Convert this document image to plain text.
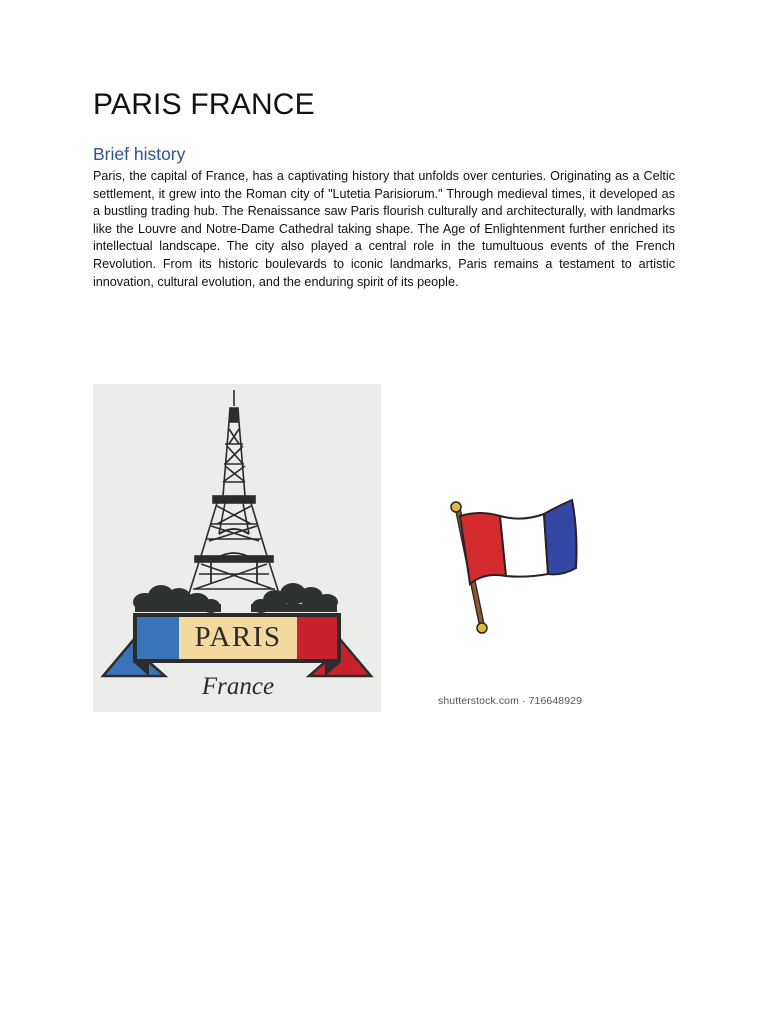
PARIS FRANCE
Brief history

Paris, the capital of France, has a captivating history that unfolds over centuries. Originating as a Celtic settlement, it grew into the Roman city of "Lutetia Parisiorum." Through medieval times, it developed as a bustling trading hub. The Renaissance saw Paris flourish culturally and architecturally, with landmarks like the Louvre and Notre-Dame Cathedral taking shape. The Age of Enlightenment further enriched its intellectual landscape. The city also played a central role in the tumultuous events of the French Revolution. From its historic boulevards to iconic landmarks, Paris remains a testament to artistic innovation, cultural evolution, and the enduring spirit of its people.

PARIS
France
shutterstock.com · 716648929
